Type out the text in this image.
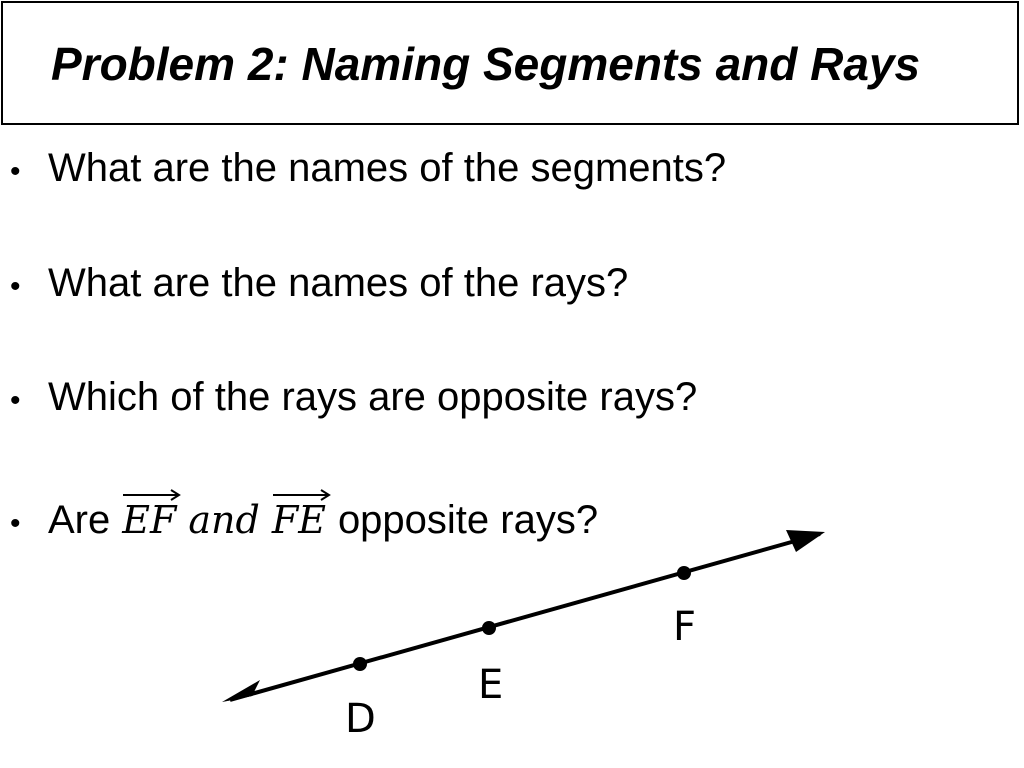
Problem 2: Naming Segments and Rays
• What are the names of the segments?
• What are the names of the rays?
• Which of the rays are opposite rays?
• Are EF and FE opposite rays?
D
E
F
